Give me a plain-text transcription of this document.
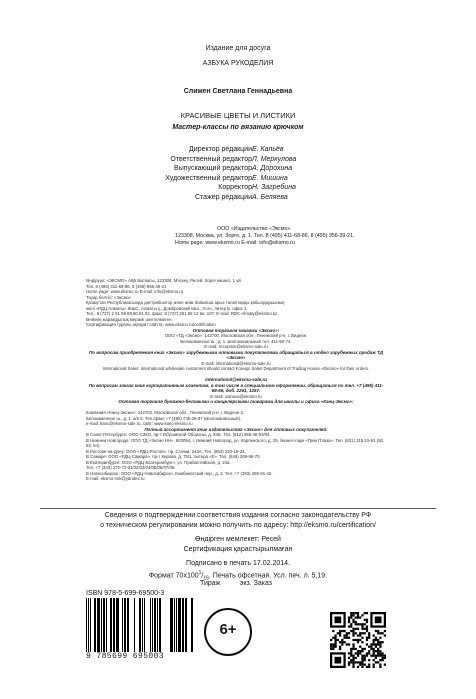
Издание для досуга
АЗБУКА РУКОДЕЛИЯ
Слижен Светлана Геннадьевна
КРАСИВЫЕ ЦВЕТЫ И ЛИСТИКИ
Мастер-классы по вязанию крючком
Директор редакции
Ответственный редактор
Выпускающий редактор
Художественный редактор
Корректор
Стажер редакции
Е. Капьёв
Л. Меркулова
А. Дорохина
Е. Мишина
Н. Загребина
А. Беляева
ООО «Издательство «Эксмо»
123308, Москва, ул. Зорге, д. 1. Тел. 8 (495) 411-68-86, 8 (495) 956-39-21.
Home page: www.eksmo.ru E-mail: info@eksmo.ru
Өндіруші: «ЭКСМО» АҚБ Баспасы, 123308, Мәскеу, Ресей, Зорге көшесі, 1 үй.
Тел. 8 (495) 411-68-86, 8 (495) 956-39-21
Home page: www.eksmo.ru E-mail: info@eksmo.ru
Тауар белгісі: «Эксмо»
Қазақстан Республикасында дистрибьютор және өнім бойынша арыз-талаптарды қабылдаушының
өкілі «РДЦ-Алматы» ЖШС, Алматы қ., Домбровский көш., 3«а», литер Б, офис 1.
Тел.: 8 (727) 2 51 59 89,90,91,92, факс: 8 (727) 251 58 12 вн. 107; E-mail: RDC-Almaty@eksmo.kz
Өнімнің жарамдылық мерзімі шектелмеген.
Сертификация туралы ақпарат сайтта: www.eksmo.ru/certification
Оптовая торговля книгами «Эксмо»:
ООО «ТД «Эксмо». 142700, Московская обл., Ленинский р-н, г. Видное,
Белокаменное ш., д. 1, многоканальный тел. 411-50-74.
E-mail: reception@eksmo-sale.ru
По вопросам приобретения книг «Эксмо» зарубежными оптовыми покупателями обращаться в отдел зарубежных продаж ТД «Эксмо»
E-mail: international@eksmo-sale.ru
International Sales: International wholesale customers should contact Foreign Sales Department of Trading House «Eksmo» for their orders.
international@eksmo-sale.ru
По вопросам заказа книг корпоративным клиентам, в том числе в специальном оформлении, обращаться по тел. +7 (495) 411-68-59, доб. 2261, 1257.
E-mail: ivanova@eksmo.ru
Оптовая торговля бумажно-беловыми и канцелярскими товарами для школы и офиса «Канц-Эксмо»:
Компания «Канц-Эксмо»: 142702, Московская обл., Ленинский р-н, г. Видное-2,
Белокаменное ш., д. 1, а/я 5. Тел./факс +7 (495) 745-28-87 (многоканальный).
e-mail: kanc@eksmo-sale.ru, сайт: www.kanc-eksmo.ru
Полный ассортимент книг издательства «Эксмо» для оптовых покупателей:
В Санкт-Петербурге: ООО СЗКО, пр-т Обуховской Обороны, д. 84Е. Тел. (812) 365-46-03/04.
В Нижнем Новгороде: ООО ТД «Эксмо НН», 603094, г. Нижний Новгород, ул. Карпинского, д. 29, бизнес-парк «Грин Плаза». Тел. (831) 216-15-91 (92, 93, 94).
В Ростове-на-Дону: ООО «РДЦ-Ростов», пр. Стачки, 243А. Тел. (863) 220-19-34.
В Самаре: ООО «РДЦ-Самара», пр-т Кирова, д. 75/1, литера «Е». Тел. (846) 269-66-70.
В Екатеринбурге: ООО «РДЦ-Екатеринбург», ул. Прибалтийская, д. 24а.
Тел. +7 (343) 272-72-01/02/03/04/05/06/07/08.
В Новосибирске: ООО «РДЦ-Новосибирск», Комбинатский пер., д. 3. Тел. +7 (383) 289-91-42.
E-mail: eksmo-nsk@yandex.ru
Сведения о подтверждении соответствия издания согласно законодательству РФ
о техническом регулировании можно получить по адресу: http://eksmo.ru/certification/
Өндірген мемлекет: Ресей
Сертификация қарастырылмаған
Подписано в печать 17.02.2014.
Формат $70х100^1/_{16}$. Печать офсетная. Усл. печ. л. 5,19.
Тираж          экз. Заказ
ISBN 978-5-699-69500-3
9 785699 695003
6+
